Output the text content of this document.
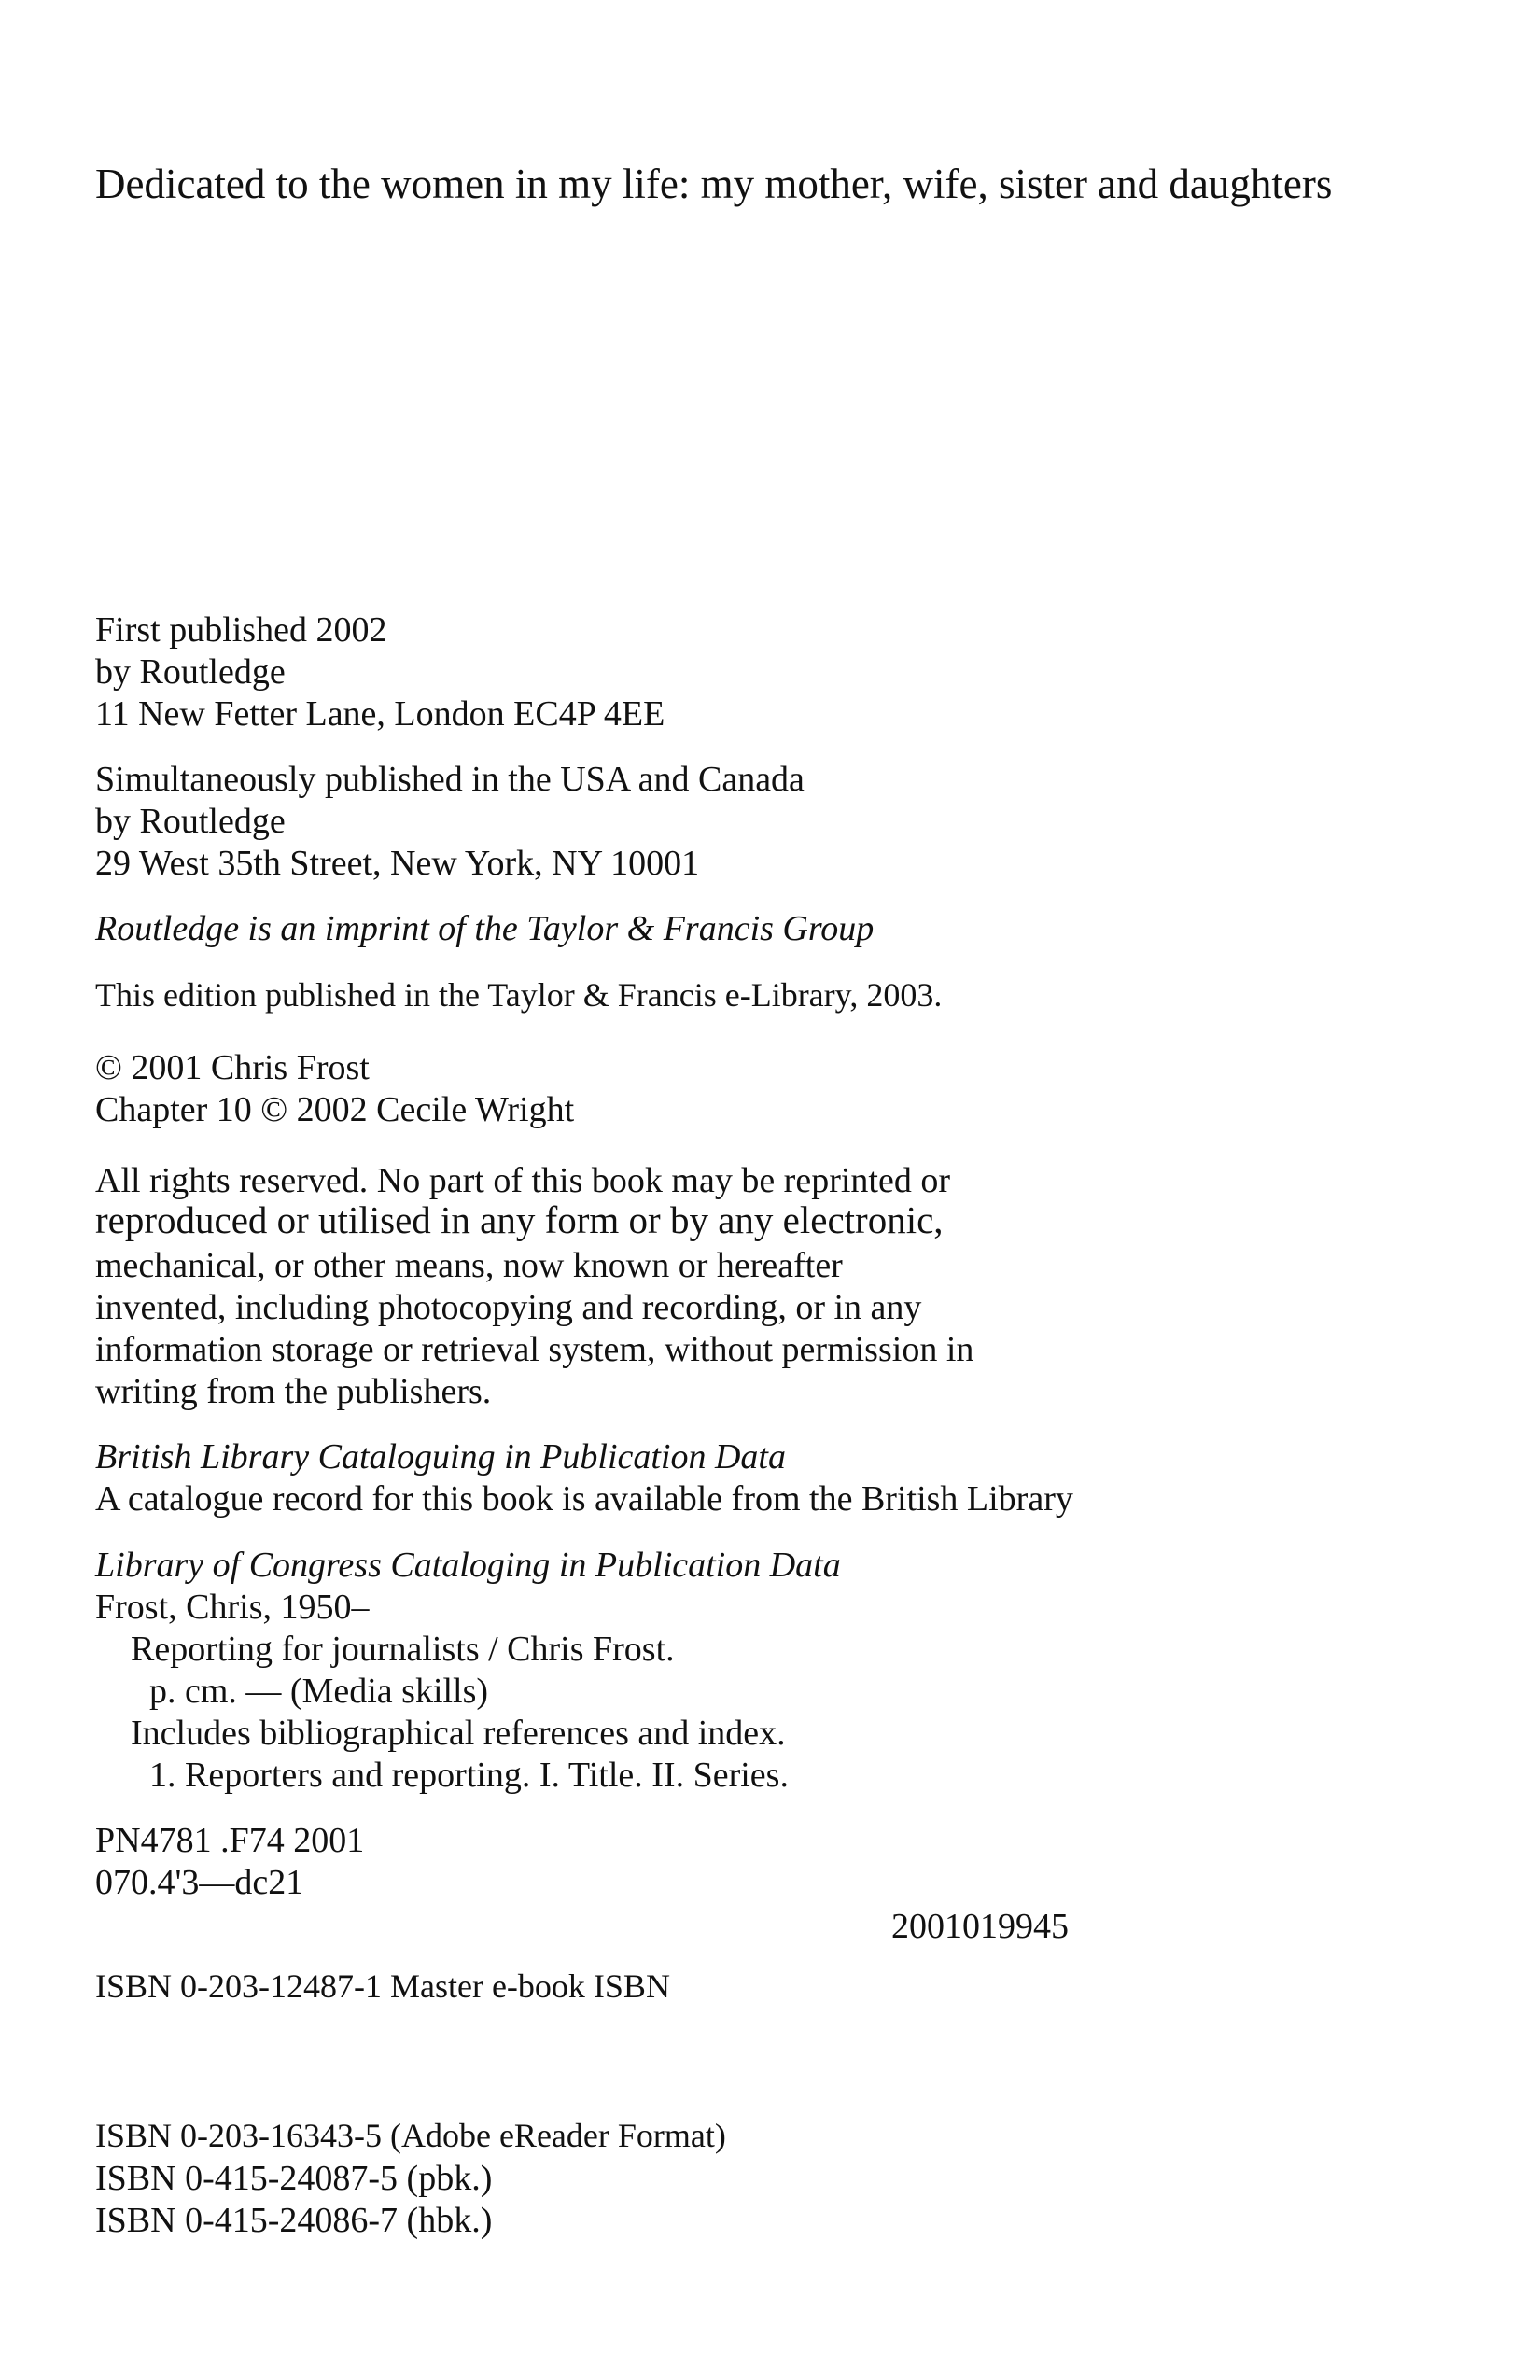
Dedicated to the women in my life: my mother, wife, sister and daughters
First published 2002
by Routledge
11 New Fetter Lane, London EC4P 4EE
Simultaneously published in the USA and Canada
by Routledge
29 West 35th Street, New York, NY 10001
Routledge is an imprint of the Taylor & Francis Group
This edition published in the Taylor & Francis e-Library, 2003.
© 2001 Chris Frost
Chapter 10 © 2002 Cecile Wright
All rights reserved. No part of this book may be reprinted or
reproduced or utilised in any form or by any electronic,
mechanical, or other means, now known or hereafter
invented, including photocopying and recording, or in any
information storage or retrieval system, without permission in
writing from the publishers.
British Library Cataloguing in Publication Data
A catalogue record for this book is available from the British Library
Library of Congress Cataloging in Publication Data
Frost, Chris, 1950–
Reporting for journalists / Chris Frost.
p. cm. — (Media skills)
Includes bibliographical references and index.
1. Reporters and reporting. I. Title. II. Series.
PN4781 .F74 2001
070.4'3—dc21
2001019945
ISBN 0-203-12487-1 Master e-book ISBN
ISBN 0-203-16343-5 (Adobe eReader Format)
ISBN 0-415-24087-5 (pbk.)
ISBN 0-415-24086-7 (hbk.)
